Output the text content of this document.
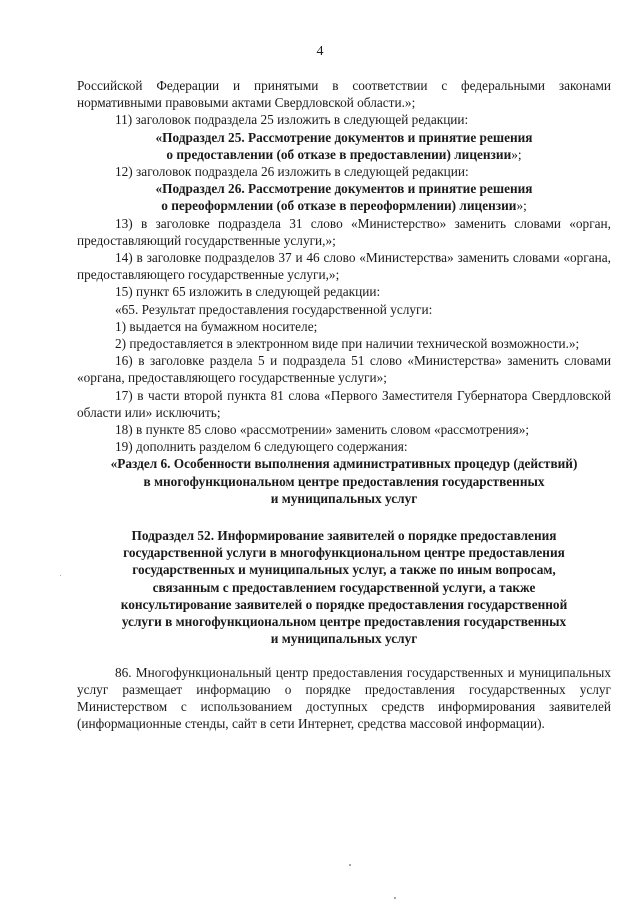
4

Российской Федерации и принятыми в соответствии с федеральными законами нормативными правовыми актами Свердловской области.»;

11) заголовок подраздела 25 изложить в следующей редакции:

«Подраздел 25. Рассмотрение документов и принятие решения
о предоставлении (об отказе в предоставлении) лицензии»;

12) заголовок подраздела 26 изложить в следующей редакции:

«Подраздел 26. Рассмотрение документов и принятие решения
о переоформлении (об отказе в переоформлении) лицензии»;

13) в заголовке подраздела 31 слово «Министерство» заменить словами «орган, предоставляющий государственные услуги,»;

14) в заголовке подразделов 37 и 46 слово «Министерства» заменить словами «органа, предоставляющего государственные услуги,»;

15) пункт 65 изложить в следующей редакции:

«65. Результат предоставления государственной услуги:

1) выдается на бумажном носителе;

2) предоставляется в электронном виде при наличии технической возможности.»;

16) в заголовке раздела 5 и подраздела 51 слово «Министерства» заменить словами «органа, предоставляющего государственные услуги»;

17) в части второй пункта 81 слова «Первого Заместителя Губернатора Свердловской области или» исключить;

18) в пункте 85 слово «рассмотрении» заменить словом «рассмотрения»;

19) дополнить разделом 6 следующего содержания:

«Раздел 6. Особенности выполнения административных процедур (действий)
в многофункциональном центре предоставления государственных
и муниципальных услуг

Подраздел 52. Информирование заявителей о порядке предоставления
государственной услуги в многофункциональном центре предоставления
государственных и муниципальных услуг, а также по иным вопросам,
связанным с предоставлением государственной услуги, а также
консультирование заявителей о порядке предоставления государственной
услуги в многофункциональном центре предоставления государственных
и муниципальных услуг

86. Многофункциональный центр предоставления государственных и муниципальных услуг размещает информацию о порядке предоставления государственных услуг Министерством с использованием доступных средств информирования заявителей (информационные стенды, сайт в сети Интернет, средства массовой информации).
